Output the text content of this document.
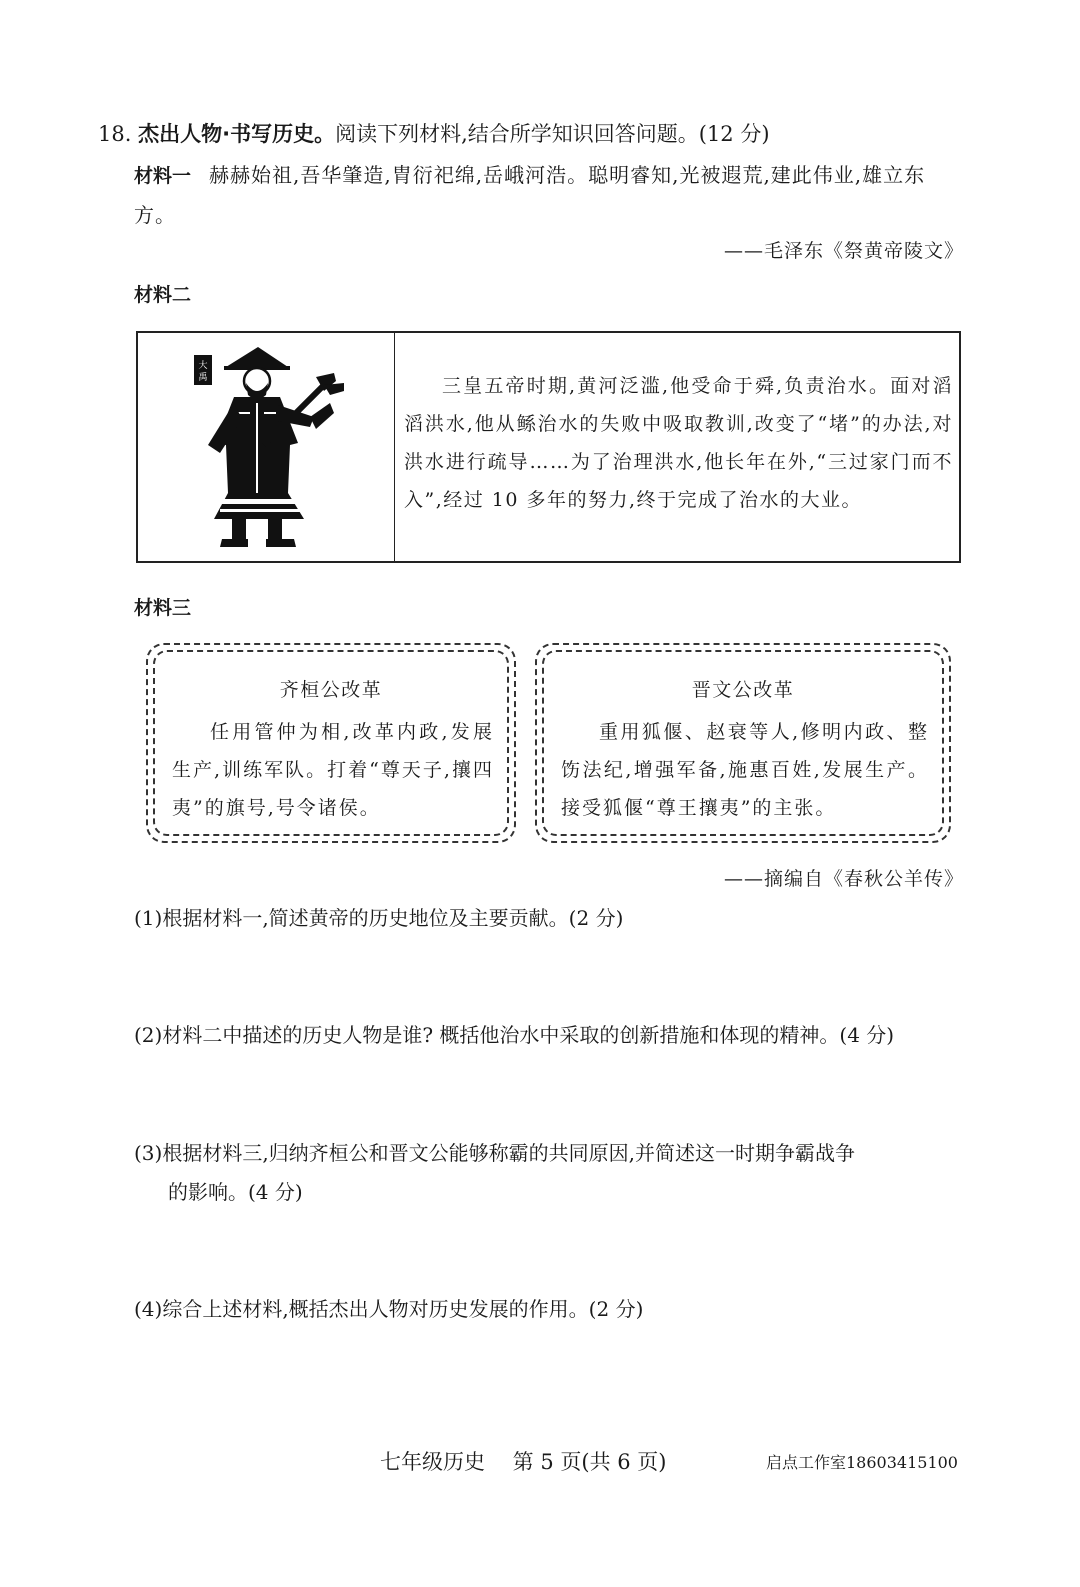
18. 杰出人物·书写历史。阅读下列材料,结合所学知识回答问题。(12 分)
材料一 赫赫始祖,吾华肇造,胄衍祀绵,岳峨河浩。聪明睿知,光被遐荒,建此伟业,雄立东方。
——毛泽东《祭黄帝陵文》
材料二
大
禹	三皇五帝时期,黄河泛滥,他受命于舜,负责治水。面对滔滔洪水,他从鲧治水的失败中吸取教训,改变了“堵”的办法,对洪水进行疏导……为了治理洪水,他长年在外,“三过家门而不入”,经过 10 多年的努力,终于完成了治水的大业。

材料三
齐桓公改革
任用管仲为相,改革内政,发展生产,训练军队。打着“尊天子,攘四夷”的旗号,号令诸侯。
晋文公改革
重用狐偃、赵衰等人,修明内政、整饬法纪,增强军备,施惠百姓,发展生产。接受狐偃“尊王攘夷”的主张。
——摘编自《春秋公羊传》
(1)根据材料一,简述黄帝的历史地位及主要贡献。(2 分)
(2)材料二中描述的历史人物是谁? 概括他治水中采取的创新措施和体现的精神。(4 分)
(3)根据材料三,归纳齐桓公和晋文公能够称霸的共同原因,并简述这一时期争霸战争
的影响。(4 分)
(4)综合上述材料,概括杰出人物对历史发展的作用。(2 分)
七年级历史　 第 5 页(共 6 页)	启点工作室18603415100
